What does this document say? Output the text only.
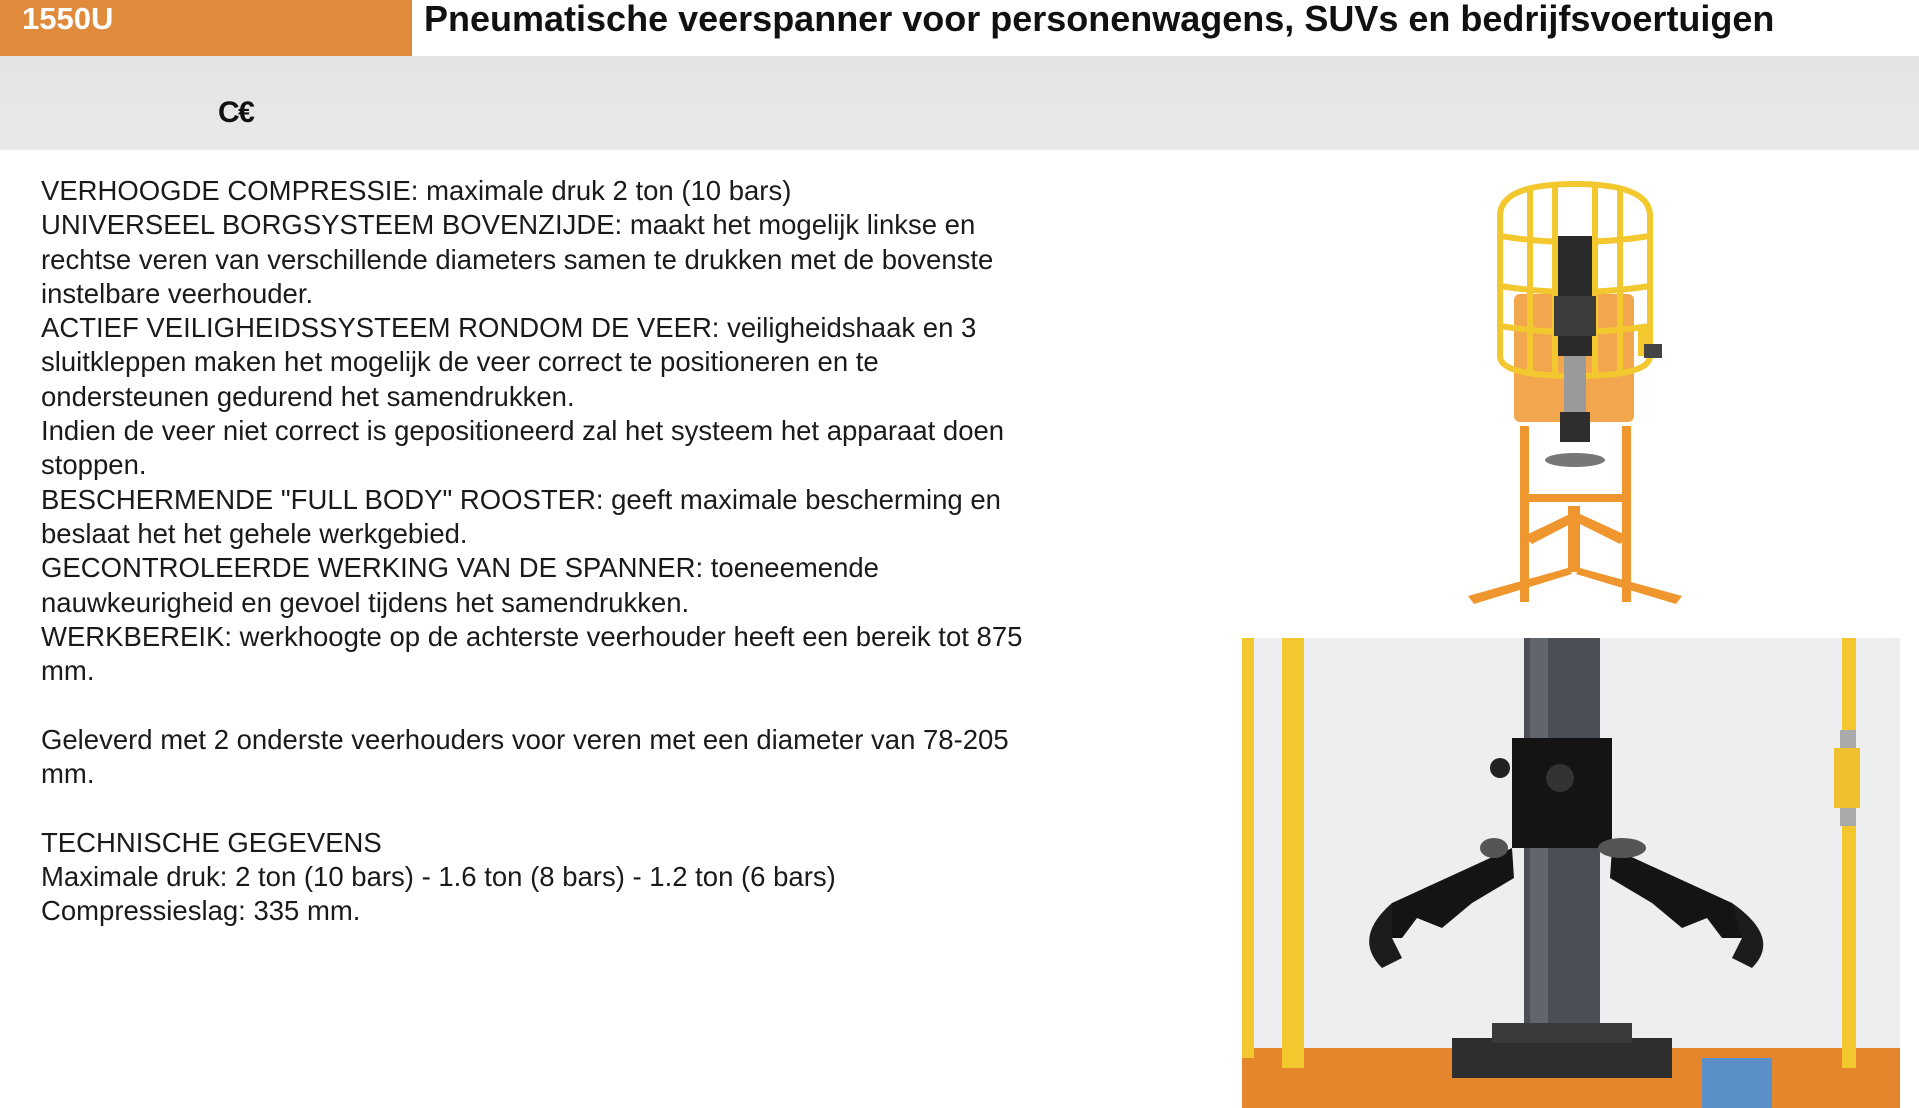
1550U	Pneumatische veerspanner voor personenwagens, SUVs en bedrijfsvoertuigen
C €
VERHOOGDE COMPRESSIE: maximale druk 2 ton (10 bars)
UNIVERSEEL BORGSYSTEEM BOVENZIJDE: maakt het mogelijk linkse en
rechtse veren van verschillende diameters samen te drukken met de bovenste
instelbare veerhouder.
ACTIEF VEILIGHEIDSSYSTEEM RONDOM DE VEER: veiligheidshaak en 3
sluitkleppen maken het mogelijk de veer correct te positioneren en te
ondersteunen gedurend het samendrukken.
Indien de veer niet correct is gepositioneerd zal het systeem het apparaat doen
stoppen.
BESCHERMENDE "FULL BODY" ROOSTER: geeft maximale bescherming en
beslaat het het gehele werkgebied.
GECONTROLEERDE WERKING VAN DE SPANNER: toeneemende
nauwkeurigheid en gevoel tijdens het samendrukken.
WERKBEREIK: werkhoogte op de achterste veerhouder heeft een bereik tot 875
mm.
Geleverd met 2 onderste veerhouders voor veren met een diameter van 78-205
mm.
TECHNISCHE GEGEVENS
Maximale druk: 2 ton (10 bars) - 1.6 ton (8 bars) - 1.2 ton (6 bars)
Compressieslag: 335 mm.
